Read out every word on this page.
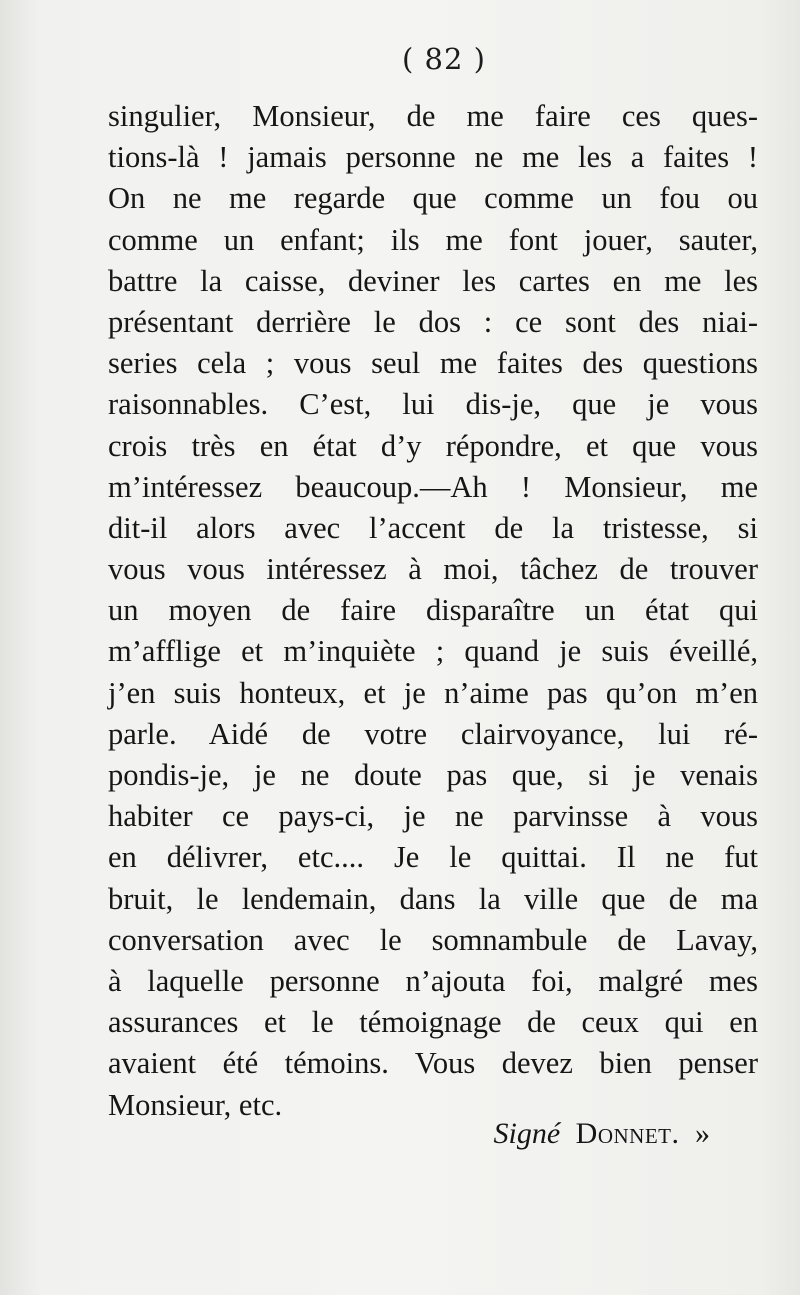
( 82 )
singulier, Monsieur, de me faire ces ques-
tions-là ! jamais personne ne me les a faites !
On ne me regarde que comme un fou ou
comme un enfant; ils me font jouer, sauter,
battre la caisse, deviner les cartes en me les
présentant derrière le dos : ce sont des niai-
series cela ; vous seul me faites des questions
raisonnables. C’est, lui dis-je, que je vous
crois très en état d’y répondre, et que vous
m’intéressez beaucoup.—Ah ! Monsieur, me
dit-il alors avec l’accent de la tristesse, si
vous vous intéressez à moi, tâchez de trouver
un moyen de faire disparaître un état qui
m’afflige et m’inquiète ; quand je suis éveillé,
j’en suis honteux, et je n’aime pas qu’on m’en
parle. Aidé de votre clairvoyance, lui ré-
pondis-je, je ne doute pas que, si je venais
habiter ce pays-ci, je ne parvinsse à vous
en délivrer, etc.... Je le quittai. Il ne fut
bruit, le lendemain, dans la ville que de ma
conversation avec le somnambule de Lavay,
à laquelle personne n’ajouta foi, malgré mes
assurances et le témoignage de ceux qui en
avaient été témoins. Vous devez bien penser
Monsieur, etc.
Signé Donnet. »
